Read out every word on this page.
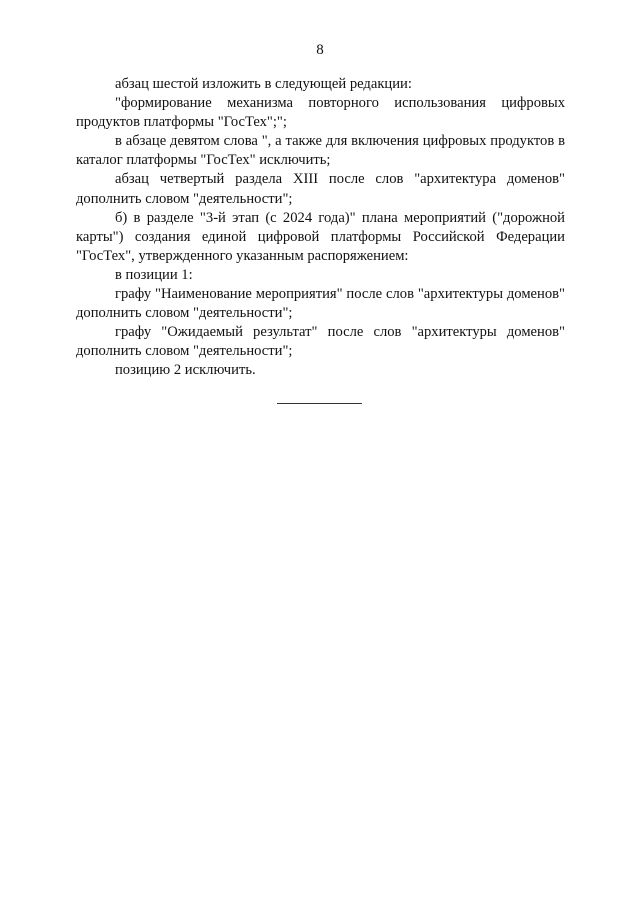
8

абзац шестой изложить в следующей редакции:

"формирование механизма повторного использования цифровых продуктов платформы "ГосТех";";

в абзаце девятом слова ", а также для включения цифровых продуктов в каталог платформы "ГосТех" исключить;

абзац четвертый раздела XIII после слов "архитектура доменов" дополнить словом "деятельности";

б) в разделе "3-й этап (с 2024 года)" плана мероприятий ("дорожной карты") создания единой цифровой платформы Российской Федерации "ГосТех", утвержденного указанным распоряжением:

в позиции 1:

графу "Наименование мероприятия" после слов "архитектуры доменов" дополнить словом "деятельности";

графу "Ожидаемый результат" после слов "архитектуры доменов" дополнить словом "деятельности";

позицию 2 исключить.
